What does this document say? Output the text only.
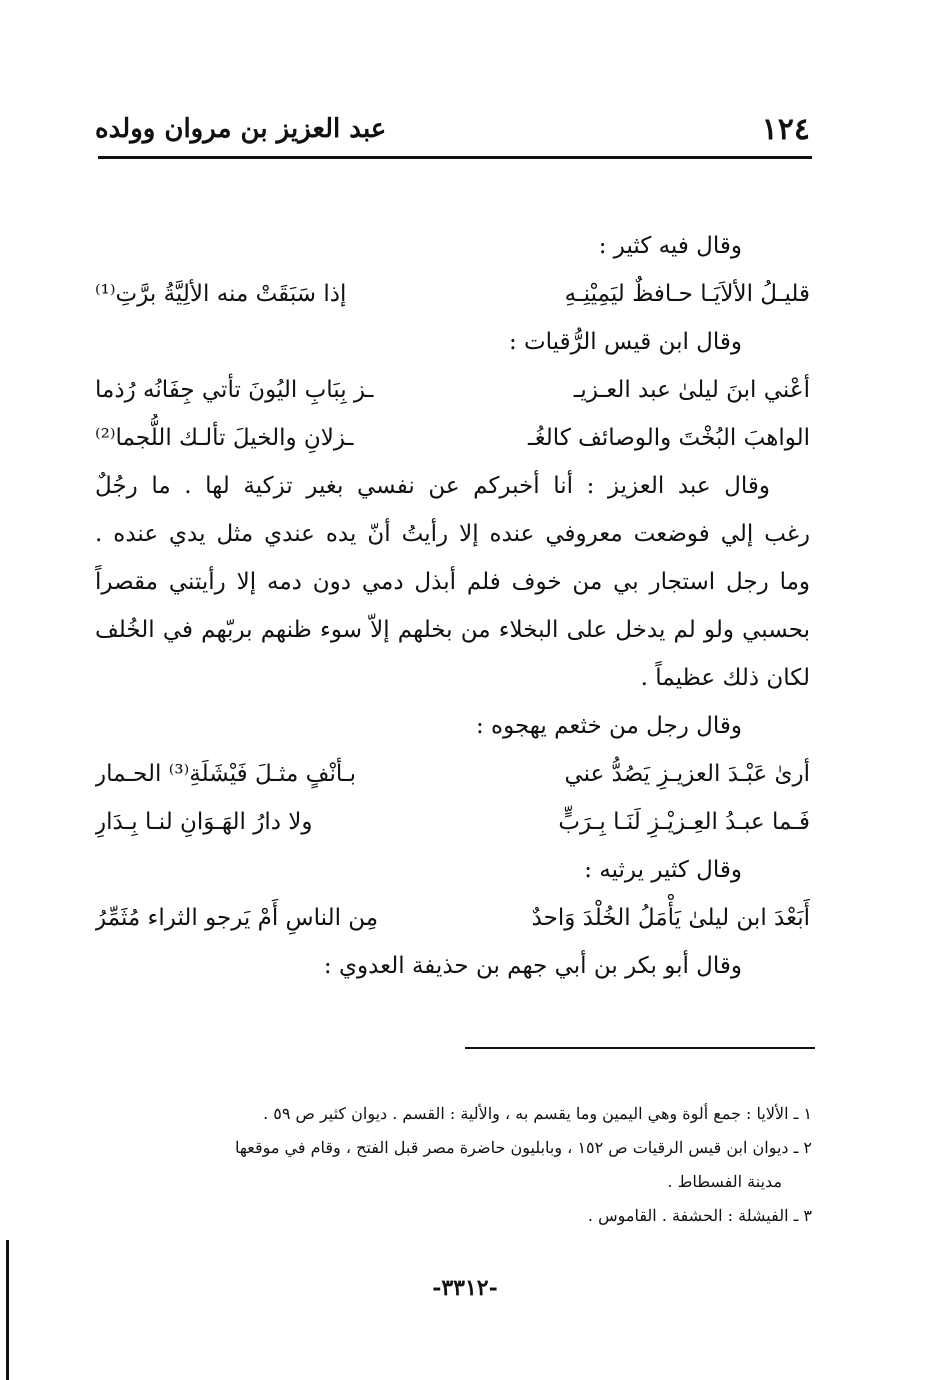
١٢٤
عبد العزيز بن مروان وولده
وقال فيه كثير :
قليـلُ الألاَيَـا حـافظٌ ليَمِيْنِـهِ
إذا سَبَقَتْ منه الألِيَّةُ برَّتِ⁽¹⁾
وقال ابن قيس الرُّقيات :
أعْني ابنَ ليلىٰ عبد العـزيـ
ـز بِبَابِ اليُونَ تأتي جِفَانُه رُذما
الواهبَ البُخْتَ والوصائف كالغُـ
ـزلانِ والخيلَ تألـك اللُّجما⁽²⁾
وقال عبد العزيز : أنا أخبركم عن نفسي بغير تزكية لها . ما رجُلٌ
رغب إلي فوضعت معروفي عنده إلا رأيتُ أنّ يده عندي مثل يدي عنده .
وما رجل استجار بي من خوف فلم أبذل دمي دون دمه إلا رأيتني مقصراً
بحسبي ولو لم يدخل على البخلاء من بخلهم إلاّ سوء ظنهم بربّهم في الخُلف
لكان ذلك عظيماً .
وقال رجل من خثعم يهجوه :
أرىٰ عَبْـدَ العزيـزِ يَصُدُّ عني
بـأنْفٍ مثـلَ فَيْشَلَةِ⁽³⁾ الحـمار
فَـما عبـدُ العِـزيْـزِ لَنَـا بِـرَبٍّ
ولا دارُ الهَـوَانِ لنـا بِـدَارِ
وقال كثير يرثيه :
أَبَعْدَ ابن ليلىٰ يَأْمَلُ الخُلْدَ وَاحدٌ
مِن الناسِ أَمْ يَرجو الثراء مُثَمِّرُ
وقال أبو بكر بن أبي جهم بن حذيفة العدوي :
١ ـ الألايا : جمع ألوة وهي اليمين وما يقسم به ، والألية : القسم . ديوان كثير ص ٥٩ .
٢ ـ ديوان ابن قيس الرقيات ص ١٥٢ ، وبابليون حاضرة مصر قبل الفتح ، وقام في موقعها
مدينة الفسطاط .
٣ ـ الفيشلة : الحشفة . القاموس .
-٣٣١٢-
